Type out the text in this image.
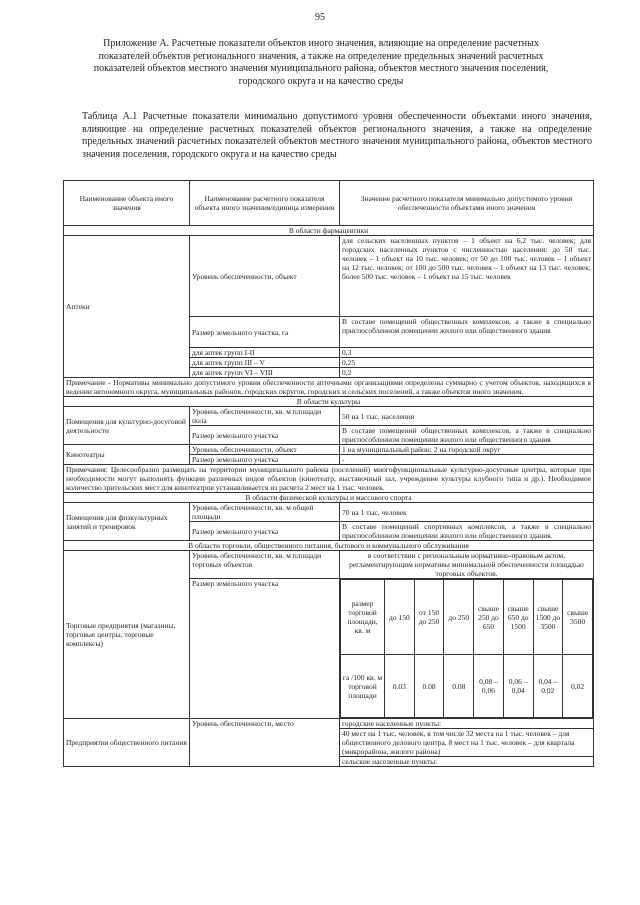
95
Приложение А. Расчетные показатели объектов иного значения, влияющие на определение расчетных показателей объектов регионального значения, а также на определение предельных значений расчетных показателей объектов местного значения муниципального района, объектов местного значения поселения, городского округа и на качество среды
Таблица А.1 Расчетные показатели минимально допустимого уровня обеспеченности объектами иного значения, влияющие на определение расчетных показателей объектов регионального значения, а также на определение предельных значений расчетных показателей объектов местного значения муниципального района, объектов местного значения поселения, городского округа и на качество среды
Наименование объекта иного значения	Наименование расчетного показателя объекта иного значения/единица измерения	Значение расчетного показателя минимально допустимого уровня обеспеченности объектами иного значения
В области фармацевтики
Аптеки	Уровень обеспеченности, объект	для сельских населенных пунктов – 1 объект на 6,2 тыс. человек; для городских населенных пунктов с численностью населения: до 50 тыс. человек – 1 объект на 10 тыс. человек; от 50 до 100 тыс. человек – 1 объект на 12 тыс. человек; от 100 до 500 тыс. человек – 1 объект на 13 тыс. человек; более 500 тыс. человек – 1 объект на 15 тыс. человек
Размер земельного участка, га	В составе помещений общественных комплексов, а также в специально приспособленном помещении жилого или общественного здания
для аптек групп I-II	0,3
для аптек групп III – V	0,25
для аптек групп VI – VIII	0,2
Примечание - Нормативы минимально допустимого уровня обеспеченности аптечными организациями определены суммарно с учетом объектов, находящихся в ведении автономного округа, муниципальных районов, городских округов, городских и сельских поселений, а также объектов иного значения.
В области культуры
Помещения для культурно-досуговой деятельности	Уровень обеспеченности, кв. м площади пола	50 на 1 тыс. населения
Размер земельного участка	В составе помещений общественных комплексов, а также в специально приспособленном помещении жилого или общественного здания
Кинотеатры	Уровень обеспеченности, объект	1 на муниципальный район; 2 на городской округ
Размер земельного участка	-
Примечания: Целесообразно размещать на территории муниципального района (поселений) многофункциональные культурно-досуговые центры, которые при необходимости могут выполнять функции различных видов объектов (кинотеатр, выставочный зал, учреждение культуры клубного типа и др.). Необходимое количество зрительских мест для кинотеатров устанавливается из расчета 2 мест на 1 тыс. человек.
В области физической культуры и массового спорта
Помещения для физкультурных занятий и тренировок	Уровень обеспеченности, кв. м общей площади	70 на 1 тыс. человек
Размер земельного участка	В составе помещений спортивных комплексов, а также в специально приспособленном помещении жилого или общественного здания.
В области торговли, общественного питания, бытового и коммунального обслуживания
Торговые предприятия (магазины, торговые центры, торговые комплексы)	Уровень обеспеченности, кв. м площади торговых объектов	в соответствии с региональным нормативно-правовым актом, регламентирующим нормативы минимальной обеспеченности площадью торговых объектов.
Размер земельного участка	
размер торговой площади, кв. м	до 150	от 150 до 250	до 250	свыше 250 до 650	свыше 650 до 1500	свыше 1500 до 3500	свыше 3500
га /100 кв. м торговой площади	0.03	0.08	0.08	0,08 – 0,06	0,06 – 0,04	0,04 – 0,02	0,02

Предприятия общественного питания	Уровень обеспеченности, место	городские населенные пункты:
40 мест на 1 тыс. человек, в том числе 32 места на 1 тыс. человек – для общественного делового центра, 8 мест на 1 тыс. человек – для квартала (микрорайона, жилого района)
сельские населенные пункты:
